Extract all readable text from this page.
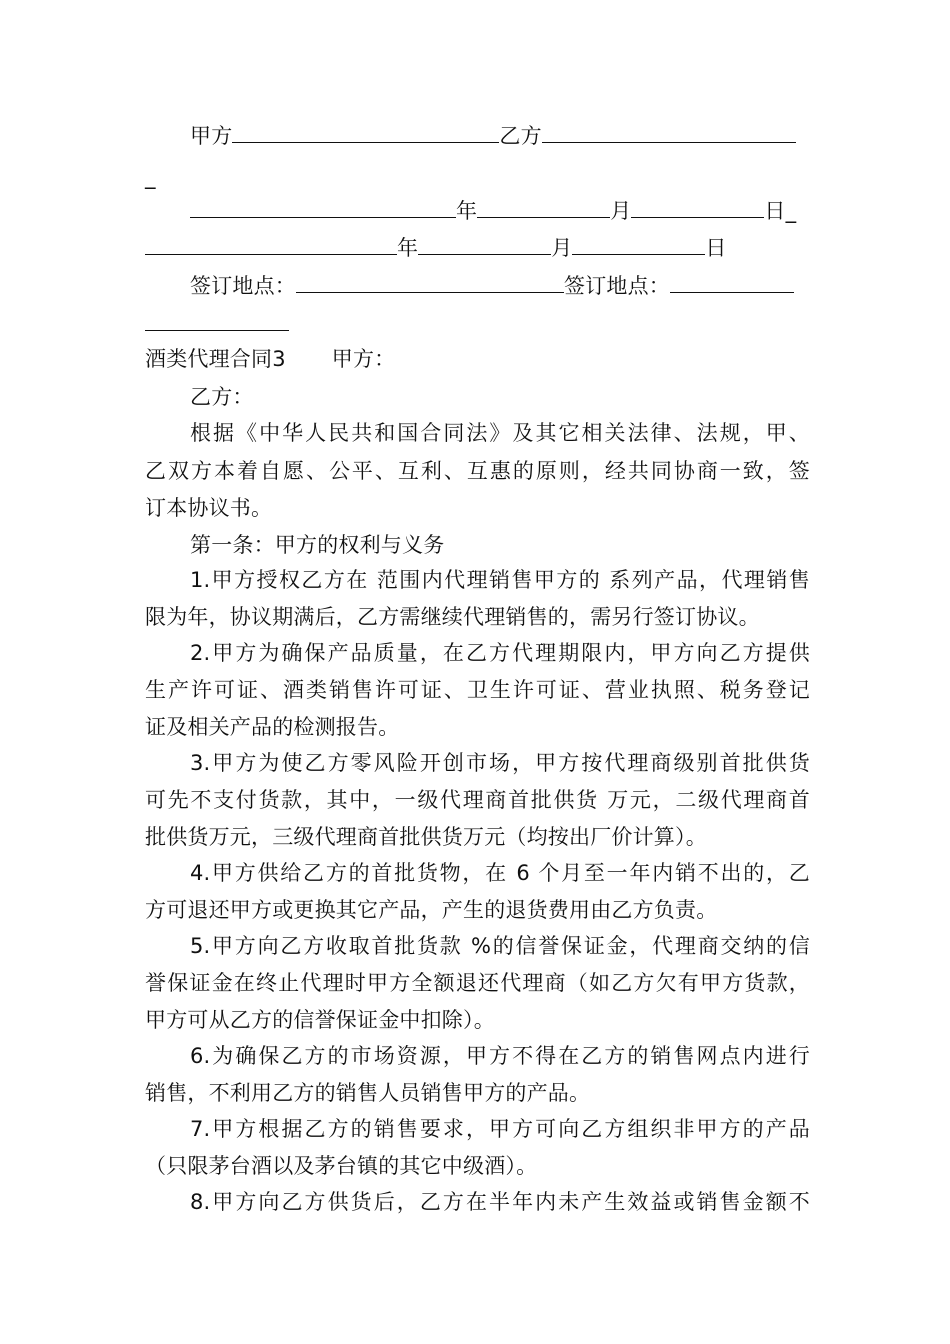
甲方	乙方
_
年	月	日_
年	月	日
签订地点：	签订地点：
酒类代理合同3 甲方：
乙方：
根据《中华人民共和国合同法》及其它相关法律、法规，甲、
乙双方本着自愿、公平、互利、互惠的原则，经共同协商一致，签
订本协议书。
第一条：甲方的权利与义务
1.甲方授权乙方在 范围内代理销售甲方的 系列产品，代理销售
限为年，协议期满后，乙方需继续代理销售的，需另行签订协议。
2.甲方为确保产品质量，在乙方代理期限内，甲方向乙方提供
生产许可证、酒类销售许可证、卫生许可证、营业执照、税务登记
证及相关产品的检测报告。
3.甲方为使乙方零风险开创市场，甲方按代理商级别首批供货
可先不支付货款，其中，一级代理商首批供货 万元，二级代理商首
批供货万元，三级代理商首批供货万元（均按出厂价计算）。
4.甲方供给乙方的首批货物，在 6 个月至一年内销不出的，乙
方可退还甲方或更换其它产品，产生的退货费用由乙方负责。
5.甲方向乙方收取首批货款 %的信誉保证金，代理商交纳的信
誉保证金在终止代理时甲方全额退还代理商（如乙方欠有甲方货款，
甲方可从乙方的信誉保证金中扣除）。
6.为确保乙方的市场资源，甲方不得在乙方的销售网点内进行
销售，不利用乙方的销售人员销售甲方的产品。
7.甲方根据乙方的销售要求，甲方可向乙方组织非甲方的产品
（只限茅台酒以及茅台镇的其它中级酒）。
8.甲方向乙方供货后，乙方在半年内未产生效益或销售金额不
